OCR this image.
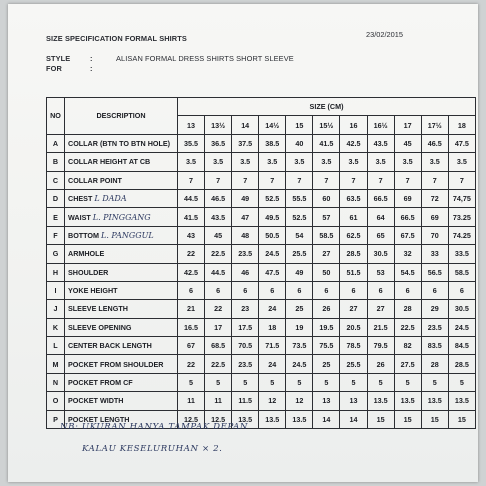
SIZE SPECIFICATION FORMAL SHIRTS	23/02/2015
STYLE	:	ALISAN FORMAL DRESS SHIRTS SHORT SLEEVE
FOR	:
NO	DESCRIPTION	SIZE (CM)										
		13	13½	14	14½	15	15½	16	16½	17	17½	18
A	COLLAR (BTN TO BTN HOLE)	35.5	36.5	37.5	38.5	40	41.5	42.5	43.5	45	46.5	47.5
B	COLLAR HEIGHT AT CB	3.5	3.5	3.5	3.5	3.5	3.5	3.5	3.5	3.5	3.5	3.5
C	COLLAR POINT	7	7	7	7	7	7	7	7	7	7	7
D	CHEST L DADA	44.5	46.5	49	52.5	55.5	60	63.5	66.5	69	72	74,75
E	WAIST L. PINGGANG	41.5	43.5	47	49.5	52.5	57	61	64	66.5	69	73.25
F	BOTTOM L. PANGGUL	43	45	48	50.5	54	58.5	62.5	65	67.5	70	74.25
G	ARMHOLE	22	22.5	23.5	24.5	25.5	27	28.5	30.5	32	33	33.5
H	SHOULDER	42.5	44.5	46	47.5	49	50	51.5	53	54.5	56.5	58.5
I	YOKE HEIGHT	6	6	6	6	6	6	6	6	6	6	6
J	SLEEVE LENGTH	21	22	23	24	25	26	27	27	28	29	30.5
K	SLEEVE OPENING	16.5	17	17.5	18	19	19.5	20.5	21.5	22.5	23.5	24.5
L	CENTER BACK LENGTH	67	68.5	70.5	71.5	73.5	75.5	78.5	79.5	82	83.5	84.5
M	POCKET FROM SHOULDER	22	22.5	23.5	24	24.5	25	25.5	26	27.5	28	28.5
N	POCKET FROM CF	5	5	5	5	5	5	5	5	5	5	5
O	POCKET WIDTH	11	11	11.5	12	12	13	13	13.5	13.5	13.5	13.5
P	POCKET LENGTH	12.5	12.5	13.5	13.5	13.5	14	14	15	15	15	15
NB: UKURAN HANYA TAMPAK DEPAN
KALAU KESELURUHAN × 2.
